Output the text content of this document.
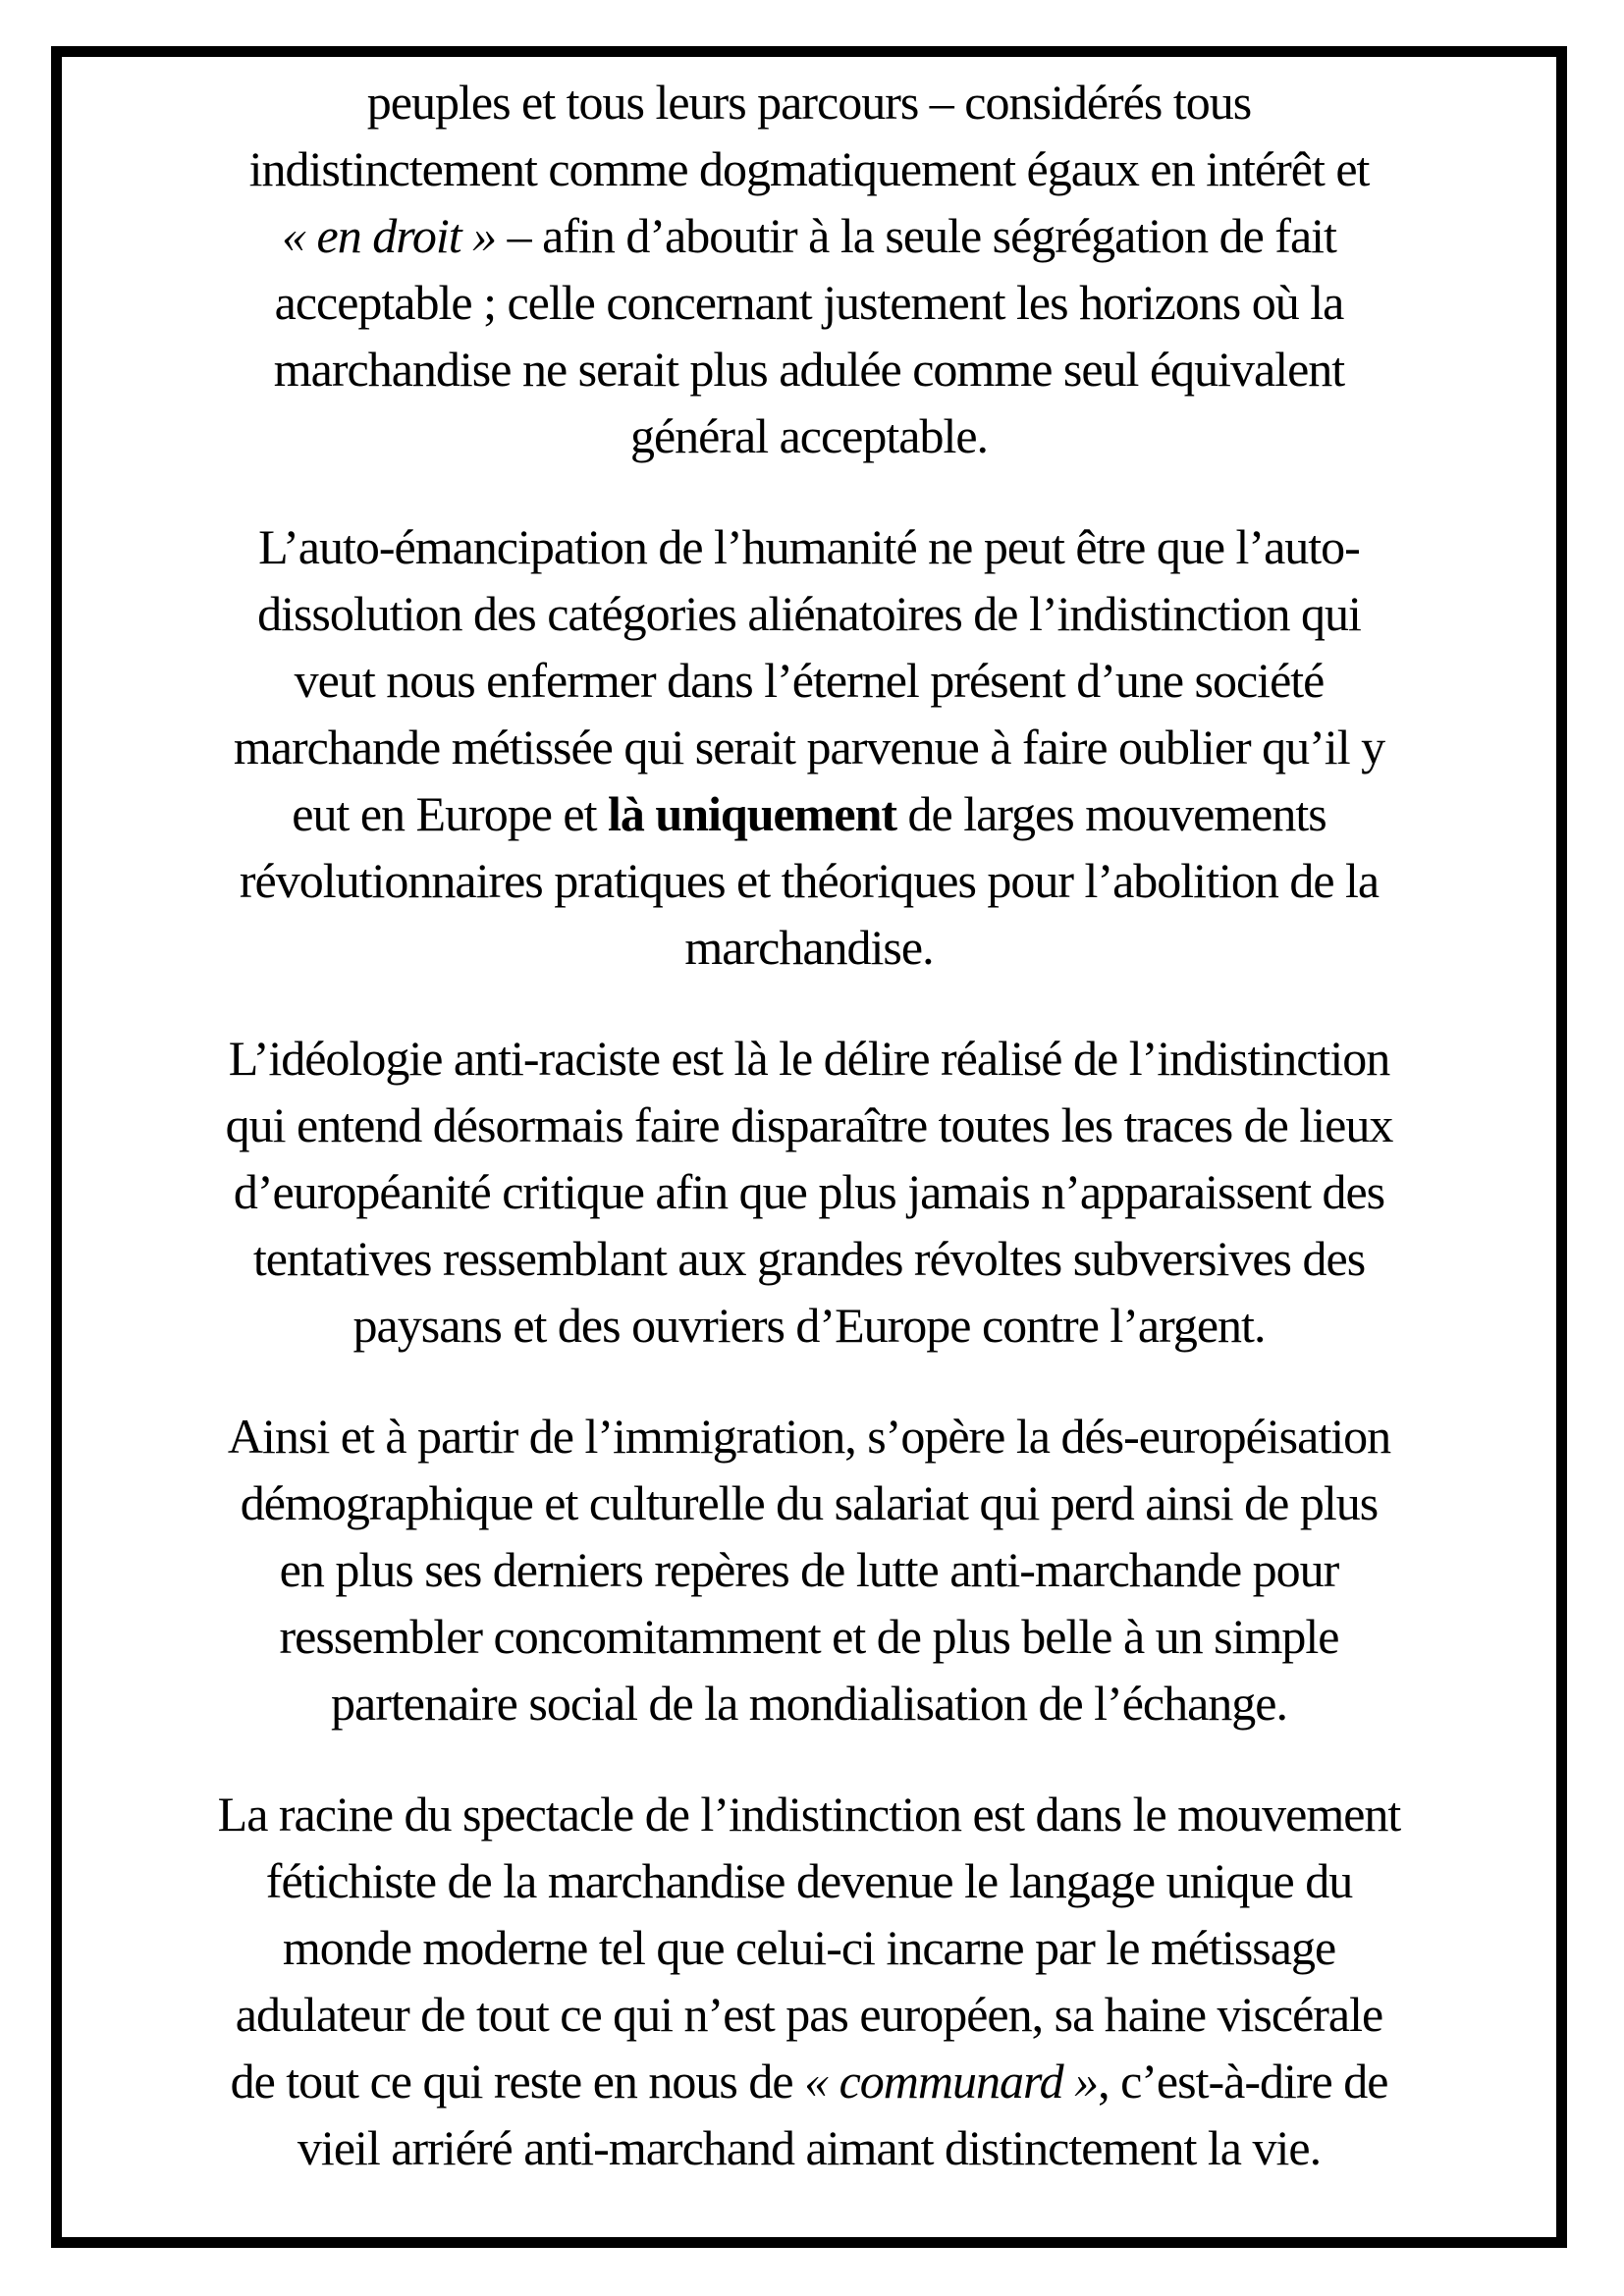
peuples et tous leurs parcours – considérés tous
indistinctement comme dogmatiquement égaux en intérêt et
« en droit » – afin d’aboutir à la seule ségrégation de fait
acceptable ; celle concernant justement les horizons où la
marchandise ne serait plus adulée comme seul équivalent
général acceptable.

L’auto-émancipation de l’humanité ne peut être que l’auto-
dissolution des catégories aliénatoires de l’indistinction qui
veut nous enfermer dans l’éternel présent d’une société
marchande métissée qui serait parvenue à faire oublier qu’il y
eut en Europe et là uniquement de larges mouvements
révolutionnaires pratiques et théoriques pour l’abolition de la
marchandise.

L’idéologie anti-raciste est là le délire réalisé de l’indistinction
qui entend désormais faire disparaître toutes les traces de lieux
d’européanité critique afin que plus jamais n’apparaissent des
tentatives ressemblant aux grandes révoltes subversives des
paysans et des ouvriers d’Europe contre l’argent.

Ainsi et à partir de l’immigration, s’opère la dés-européisation
démographique et culturelle du salariat qui perd ainsi de plus
en plus ses derniers repères de lutte anti-marchande pour
ressembler concomitamment et de plus belle à un simple
partenaire social de la mondialisation de l’échange.

La racine du spectacle de l’indistinction est dans le mouvement
fétichiste de la marchandise devenue le langage unique du
monde moderne tel que celui-ci incarne par le métissage
adulateur de tout ce qui n’est pas européen, sa haine viscérale
de tout ce qui reste en nous de « communard », c’est-à-dire de
vieil arriéré anti-marchand aimant distinctement la vie.
